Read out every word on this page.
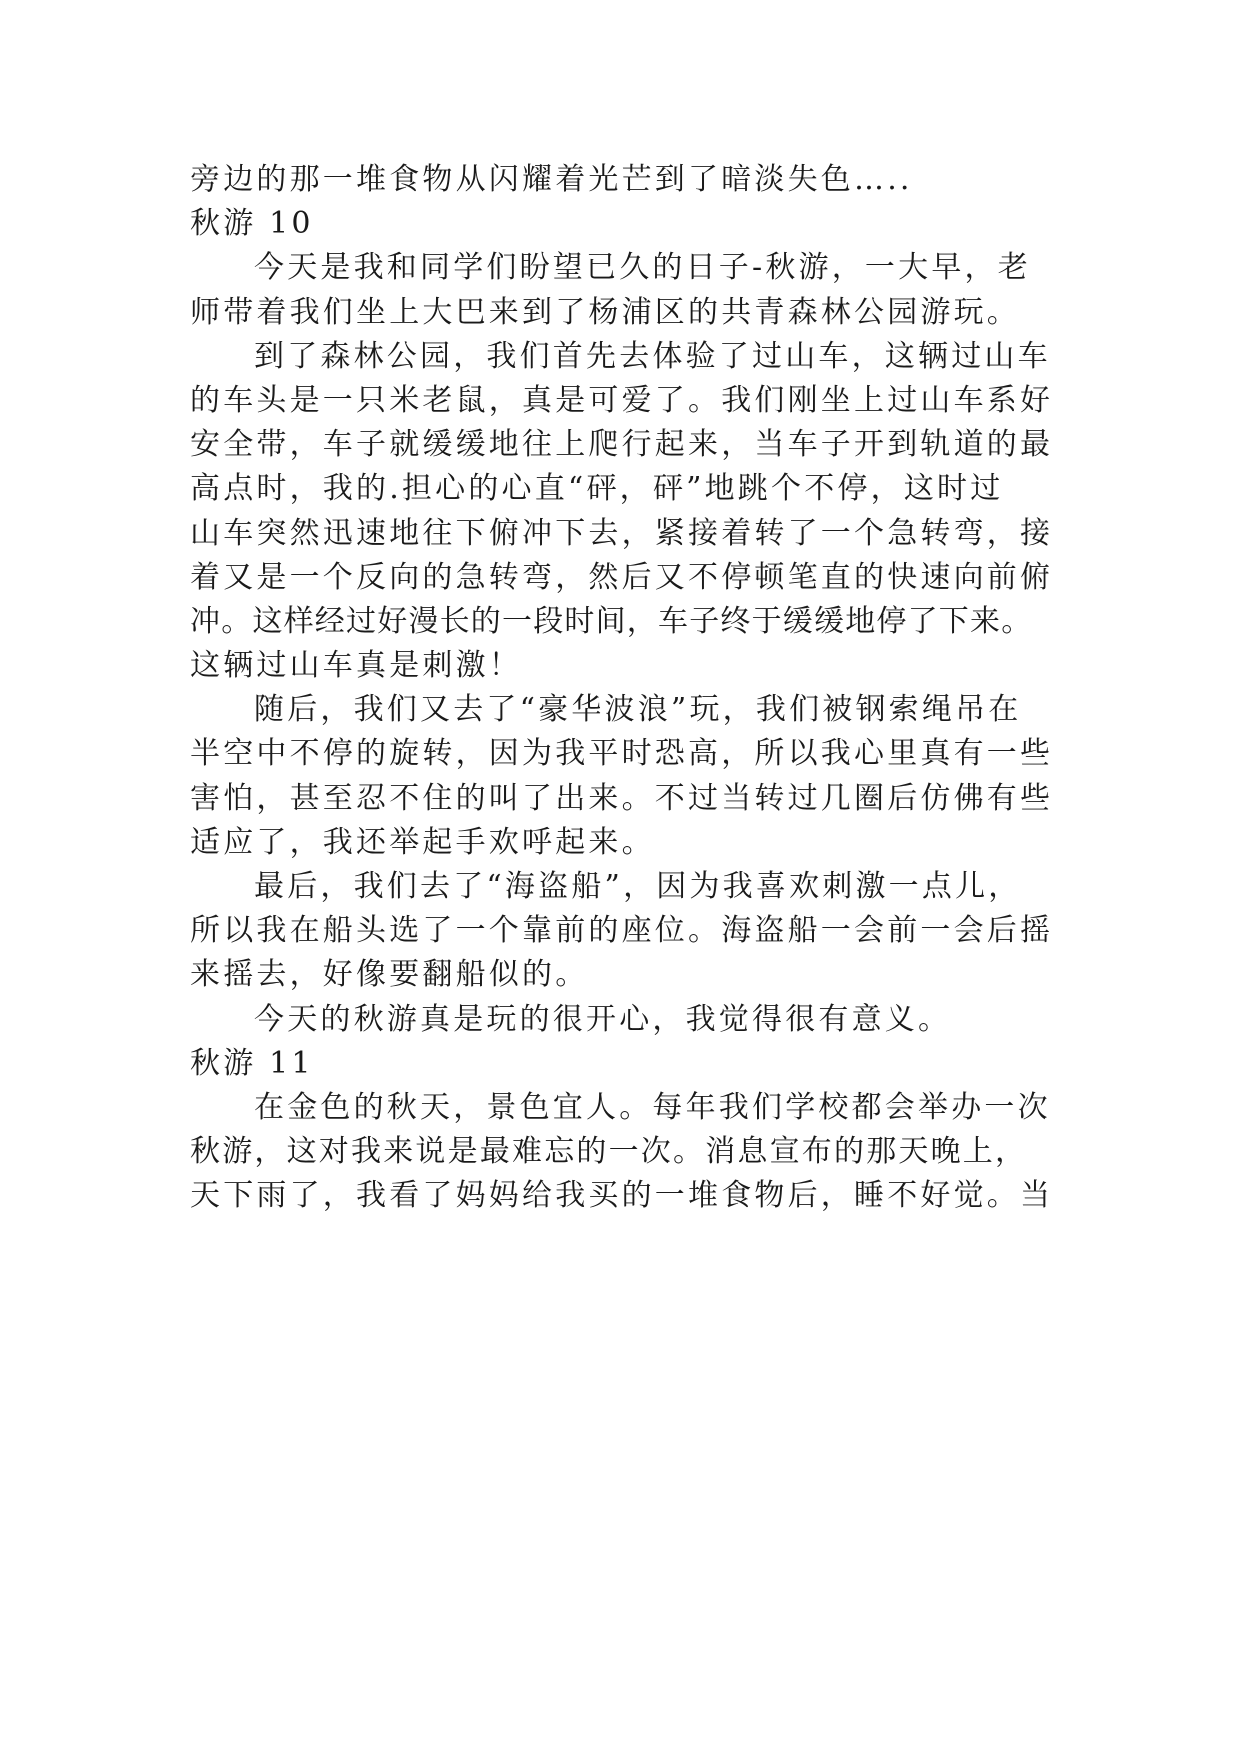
旁边的那一堆食物从闪耀着光芒到了暗淡失色…..
秋游 10
今天是我和同学们盼望已久的日子-秋游，一大早，老
师带着我们坐上大巴来到了杨浦区的共青森林公园游玩。
到了森林公园，我们首先去体验了过山车，这辆过山车
的车头是一只米老鼠，真是可爱了。我们刚坐上过山车系好
安全带，车子就缓缓地往上爬行起来，当车子开到轨道的最
高点时，我的.担心的心直“砰，砰”地跳个不停，这时过
山车突然迅速地往下俯冲下去，紧接着转了一个急转弯，接
着又是一个反向的急转弯，然后又不停顿笔直的快速向前俯
冲。这样经过好漫长的一段时间，车子终于缓缓地停了下来。
这辆过山车真是刺激！
随后，我们又去了“豪华波浪”玩，我们被钢索绳吊在
半空中不停的旋转，因为我平时恐高，所以我心里真有一些
害怕，甚至忍不住的叫了出来。不过当转过几圈后仿佛有些
适应了，我还举起手欢呼起来。
最后，我们去了“海盗船”，因为我喜欢刺激一点儿，
所以我在船头选了一个靠前的座位。海盗船一会前一会后摇
来摇去，好像要翻船似的。
今天的秋游真是玩的很开心，我觉得很有意义。
秋游 11
在金色的秋天，景色宜人。每年我们学校都会举办一次
秋游，这对我来说是最难忘的一次。消息宣布的那天晚上，
天下雨了，我看了妈妈给我买的一堆食物后，睡不好觉。当
